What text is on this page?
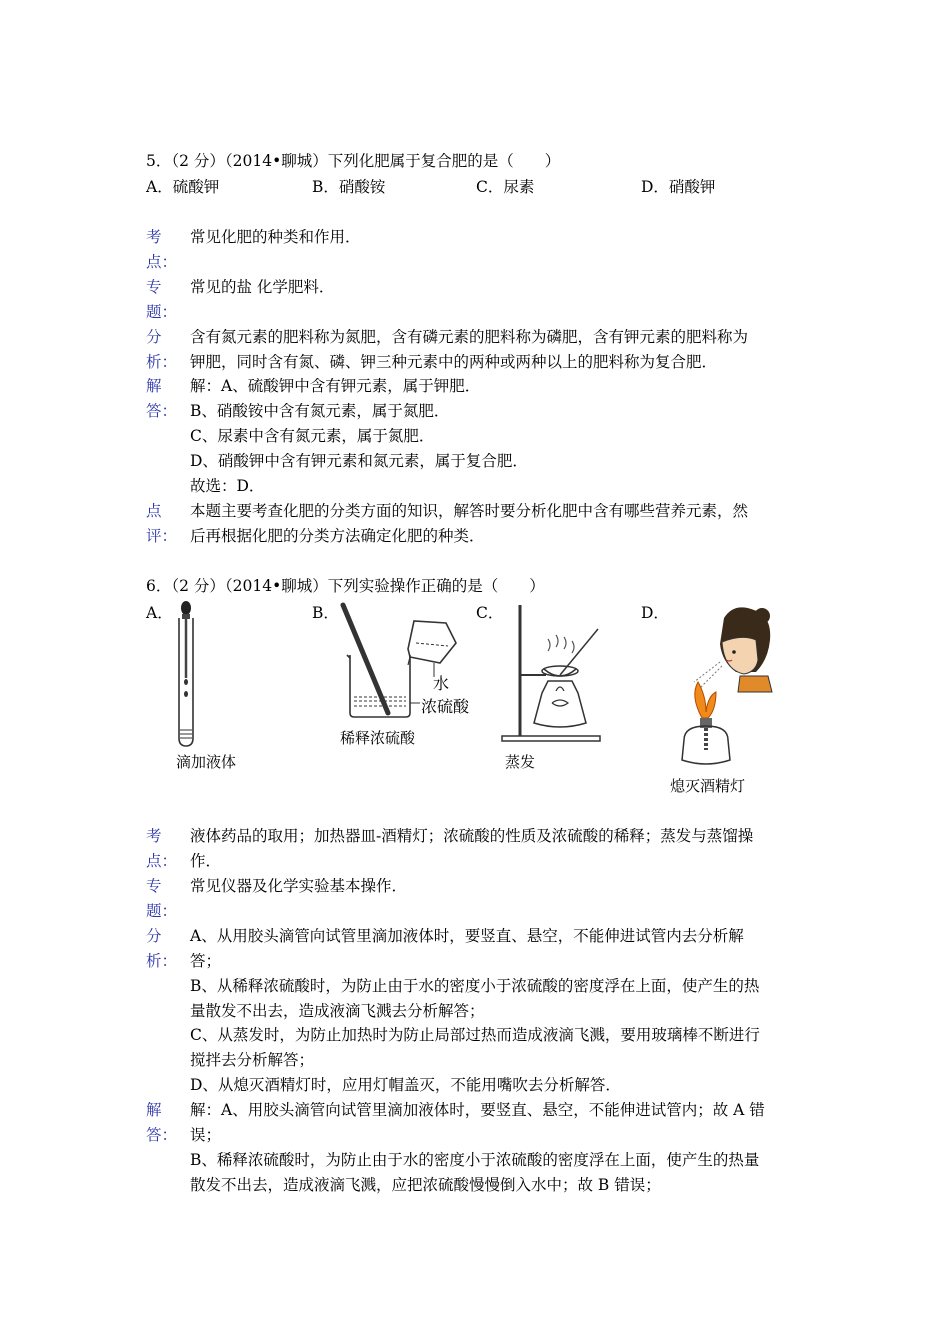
5．（2 分）（2014•聊城）下列化肥属于复合肥的是（　　）
A．硫酸钾	B．硝酸铵	C．尿素	D．硝酸钾
考
点：
常见化肥的种类和作用．
专
题：
常见的盐 化学肥料．
分
析：
含有氮元素的肥料称为氮肥，含有磷元素的肥料称为磷肥，含有钾元素的肥料称为
钾肥，同时含有氮、磷、钾三种元素中的两种或两种以上的肥料称为复合肥．
解
答：
解：A、硫酸钾中含有钾元素，属于钾肥．
B、硝酸铵中含有氮元素，属于氮肥．
C、尿素中含有氮元素，属于氮肥．
D、硝酸钾中含有钾元素和氮元素，属于复合肥．
故选：D．
点
评：
本题主要考查化肥的分类方面的知识，解答时要分析化肥中含有哪些营养元素，然
后再根据化肥的分类方法确定化肥的种类．
6．（2 分）（2014•聊城）下列实验操作正确的是（　　）
A．	B．	C．	D．
滴加液体
水
浓硫酸
稀释浓硫酸
蒸发
熄灭酒精灯
考
点：
液体药品的取用；加热器皿-酒精灯；浓硫酸的性质及浓硫酸的稀释；蒸发与蒸馏操
作．
专
题：
常见仪器及化学实验基本操作．
分
析：
A、从用胶头滴管向试管里滴加液体时，要竖直、悬空，不能伸进试管内去分析解
答；
B、从稀释浓硫酸时，为防止由于水的密度小于浓硫酸的密度浮在上面，使产生的热
量散发不出去，造成液滴飞溅去分析解答；
C、从蒸发时，为防止加热时为防止局部过热而造成液滴飞溅，要用玻璃棒不断进行
搅拌去分析解答；
D、从熄灭酒精灯时，应用灯帽盖灭，不能用嘴吹去分析解答．
解
答：
解：A、用胶头滴管向试管里滴加液体时，要竖直、悬空，不能伸进试管内；故 A 错
误；
B、稀释浓硫酸时，为防止由于水的密度小于浓硫酸的密度浮在上面，使产生的热量
散发不出去，造成液滴飞溅，应把浓硫酸慢慢倒入水中；故 B 错误；
